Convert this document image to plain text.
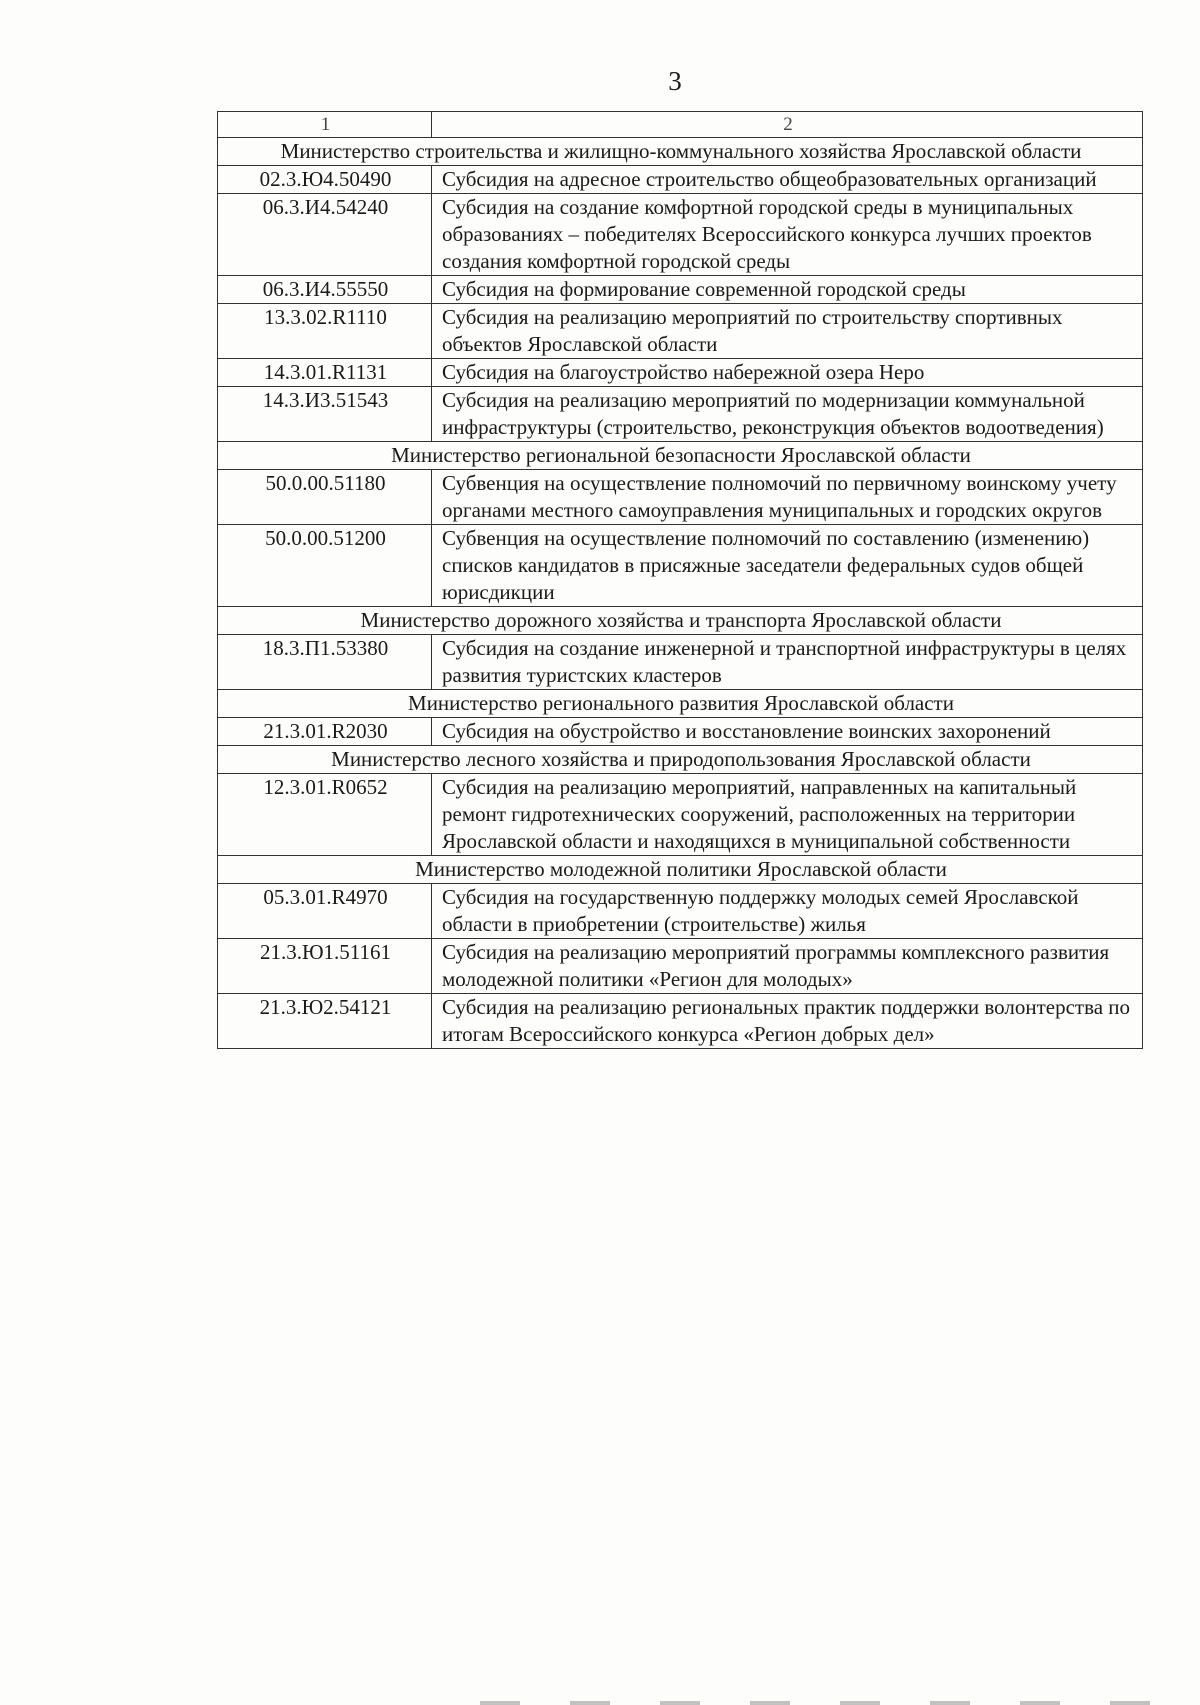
3
1	2
Министерство строительства и жилищно-коммунального хозяйства Ярославской области	
02.3.Ю4.50490	Субсидия на адресное строительство общеобразовательных организаций
06.3.И4.54240	Субсидия на создание комфортной городской среды в муниципальных образованиях – победителях Всероссийского конкурса лучших проектов создания комфортной городской среды
06.3.И4.55550	Субсидия на формирование современной городской среды
13.3.02.R1110	Субсидия на реализацию мероприятий по строительству спортивных объектов Ярославской области
14.3.01.R1131	Субсидия на благоустройство набережной озера Неро
14.3.И3.51543	Субсидия на реализацию мероприятий по модернизации коммунальной инфраструктуры (строительство, реконструкция объектов водоотведения)
Министерство региональной безопасности Ярославской области	
50.0.00.51180	Субвенция на осуществление полномочий по первичному воинскому учету органами местного самоуправления муниципальных и городских округов
50.0.00.51200	Субвенция на осуществление полномочий по составлению (изменению) списков кандидатов в присяжные заседатели федеральных судов общей юрисдикции
Министерство дорожного хозяйства и транспорта Ярославской области	
18.3.П1.53380	Субсидия на создание инженерной и транспортной инфраструктуры в целях развития туристских кластеров
Министерство регионального развития Ярославской области	
21.3.01.R2030	Субсидия на обустройство и восстановление воинских захоронений
Министерство лесного хозяйства и природопользования Ярославской области	
12.3.01.R0652	Субсидия на реализацию мероприятий, направленных на капитальный ремонт гидротехнических сооружений, расположенных на территории Ярославской области и находящихся в муниципальной собственности
Министерство молодежной политики Ярославской области	
05.3.01.R4970	Субсидия на государственную поддержку молодых семей Ярославской области в приобретении (строительстве) жилья
21.3.Ю1.51161	Субсидия на реализацию мероприятий программы комплексного развития молодежной политики «Регион для молодых»
21.3.Ю2.54121	Субсидия на реализацию региональных практик поддержки волонтерства по итогам Всероссийского конкурса «Регион добрых дел»
